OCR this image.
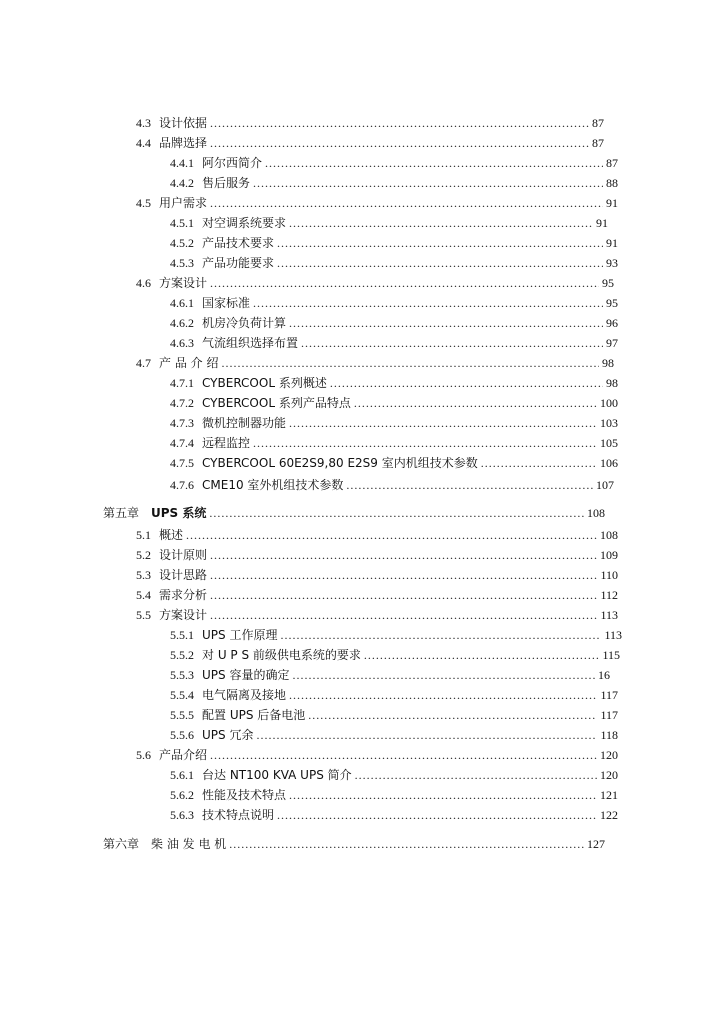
4.3 设计依据 .....	87
4.4 品牌选择 .....	87
4.4.1 阿尔西简介 .....	87
4.4.2 售后服务 .....	88
4.5 用户需求 .....	91
4.5.1 对空调系统要求 .....	91
4.5.2 产品技术要求 .....	91
4.5.3 产品功能要求 .....	93
4.6 方案设计 .....	95
4.6.1 国家标准 .....	95
4.6.2 机房冷负荷计算 .....	96
4.6.3 气流组织选择布置 .....	97
4.7 产 品 介 绍 .....	98
4.7.1 CYBERCOOL 系列概述 .....	98
4.7.2 CYBERCOOL 系列产品特点 .....	100
4.7.3 微机控制器功能 .....	103
4.7.4 远程监控 .....	105
4.7.5 CYBERCOOL 60E2S9,80 E2S9 室内机组技术参数 .....	106
4.7.6 CME10 室外机组技术参数 .....	107
第五章 UPS 系统 .....	108
5.1 概述 .....	108
5.2 设计原则 .....	109
5.3 设计思路 .....	110
5.4 需求分析 .....	112
5.5 方案设计 .....	113
5.5.1 UPS 工作原理 .....	113
5.5.2 对 U P S 前级供电系统的要求 .....	115
5.5.3 UPS 容量的确定 .....	16
5.5.4 电气隔离及接地 .....	117
5.5.5 配置 UPS 后备电池 .....	117
5.5.6 UPS 冗余 .....	118
5.6 产品介绍 .....	120
5.6.1 台达 NT100 KVA UPS 简介 .....	120
5.6.2 性能及技术特点 .....	121
5.6.3 技术特点说明 .....	122
第六章 柴 油 发 电 机 .....	127
